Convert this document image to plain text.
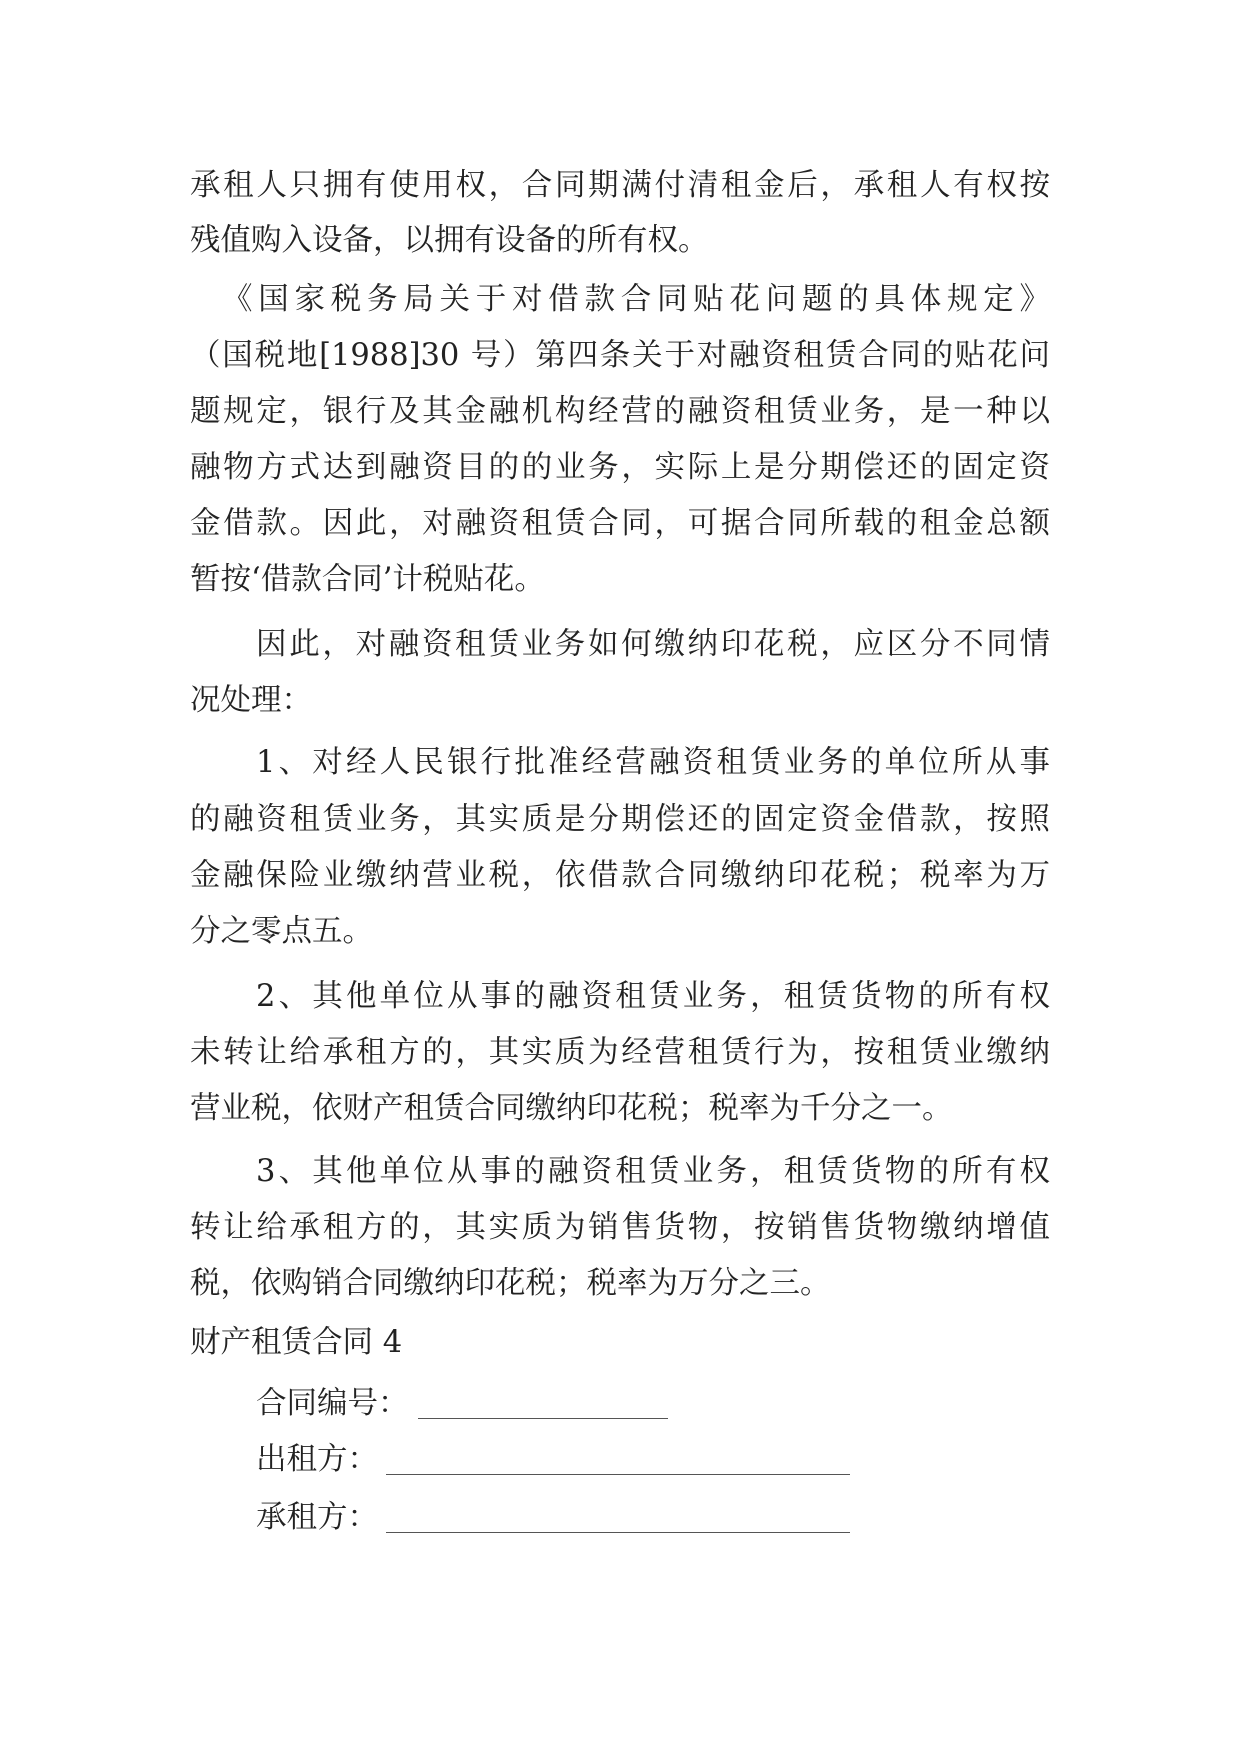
承租人只拥有使用权，合同期满付清租金后，承租人有权按
残值购入设备，以拥有设备的所有权。
《国家税务局关于对借款合同贴花问题的具体规定》
（国税地[1988]30 号）第四条关于对融资租赁合同的贴花问
题规定，银行及其金融机构经营的融资租赁业务，是一种以
融物方式达到融资目的的业务，实际上是分期偿还的固定资
金借款。因此，对融资租赁合同，可据合同所载的租金总额
暂按‘借款合同’计税贴花。
因此，对融资租赁业务如何缴纳印花税，应区分不同情
况处理：
1、对经人民银行批准经营融资租赁业务的单位所从事
的融资租赁业务，其实质是分期偿还的固定资金借款，按照
金融保险业缴纳营业税，依借款合同缴纳印花税；税率为万
分之零点五。
2、其他单位从事的融资租赁业务，租赁货物的所有权
未转让给承租方的，其实质为经营租赁行为，按租赁业缴纳
营业税，依财产租赁合同缴纳印花税；税率为千分之一。
3、其他单位从事的融资租赁业务，租赁货物的所有权
转让给承租方的，其实质为销售货物，按销售货物缴纳增值
税，依购销合同缴纳印花税；税率为万分之三。
财产租赁合同 4
合同编号：
出租方：
承租方：
